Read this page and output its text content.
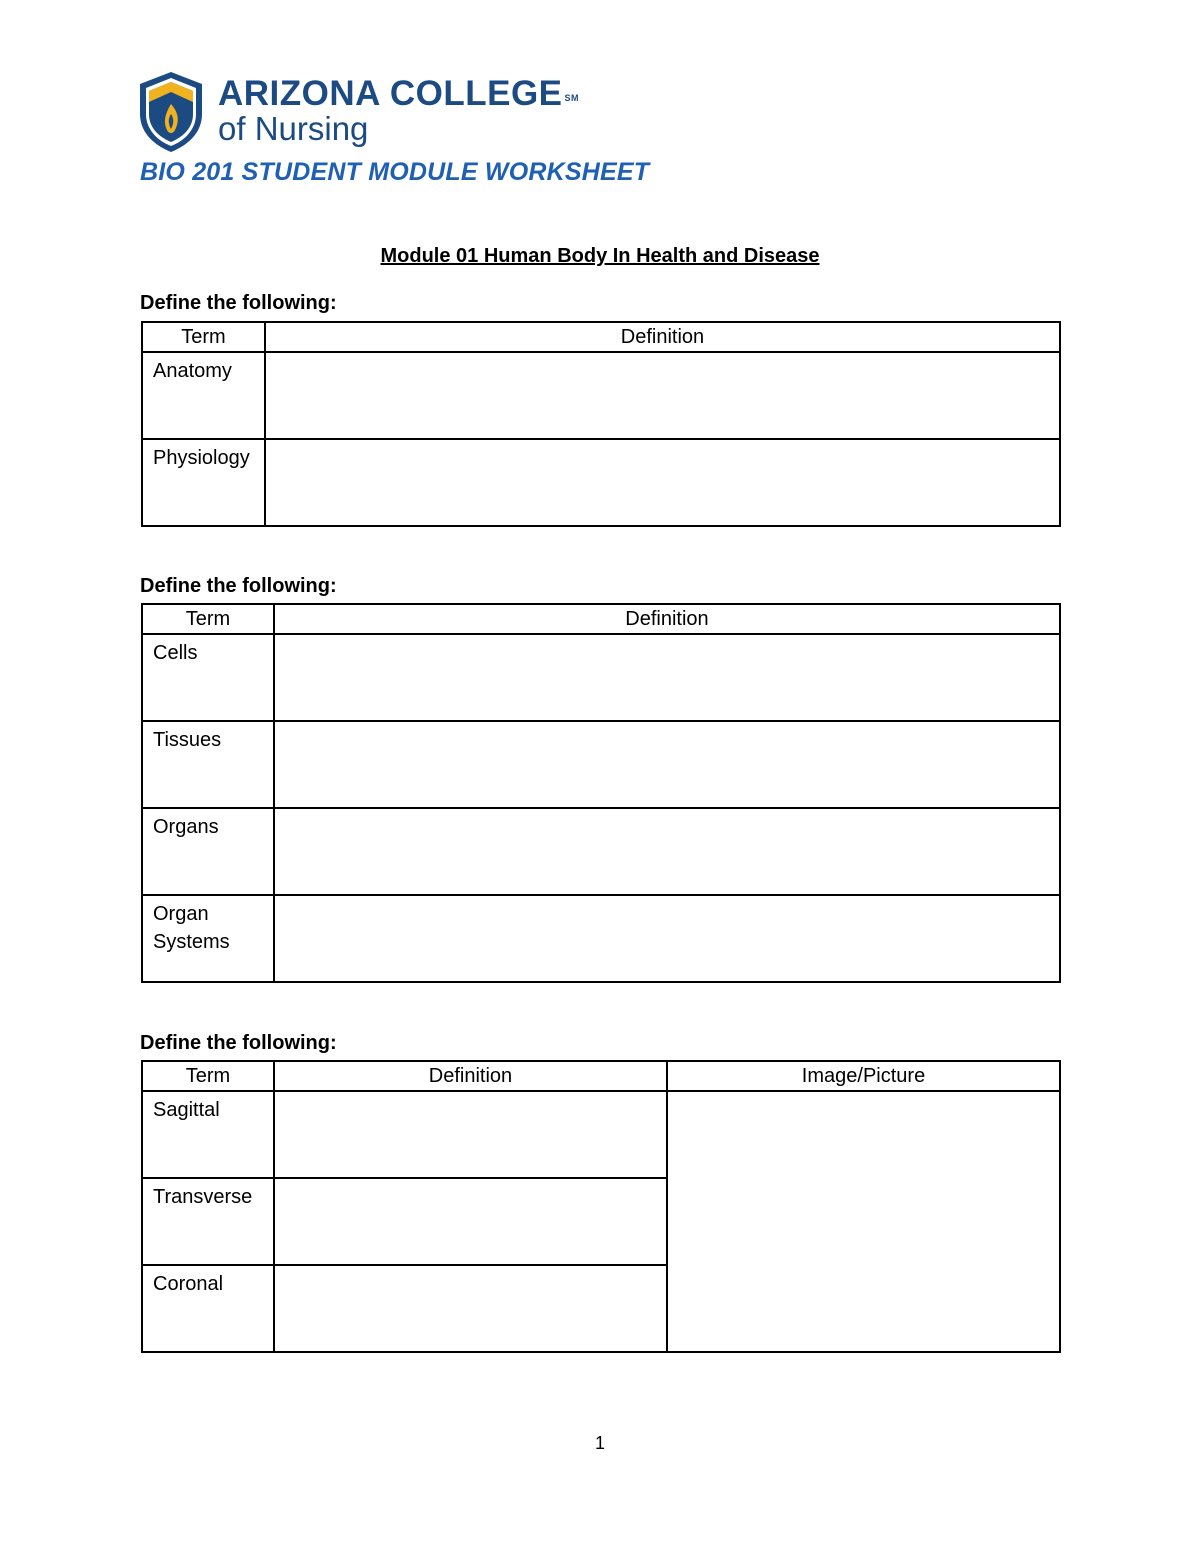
ARIZONA COLLEGE ℠
of Nursing
BIO 201 STUDENT MODULE WORKSHEET
Module 01 Human Body In Health and Disease
Define the following:
Term	Definition
Anatomy	
Physiology	
Define the following:
Term	Definition
Cells	
Tissues	
Organs	
Organ Systems	
Define the following:
Term	Definition	Image/Picture
Sagittal		
Transverse		
Coronal		
1
